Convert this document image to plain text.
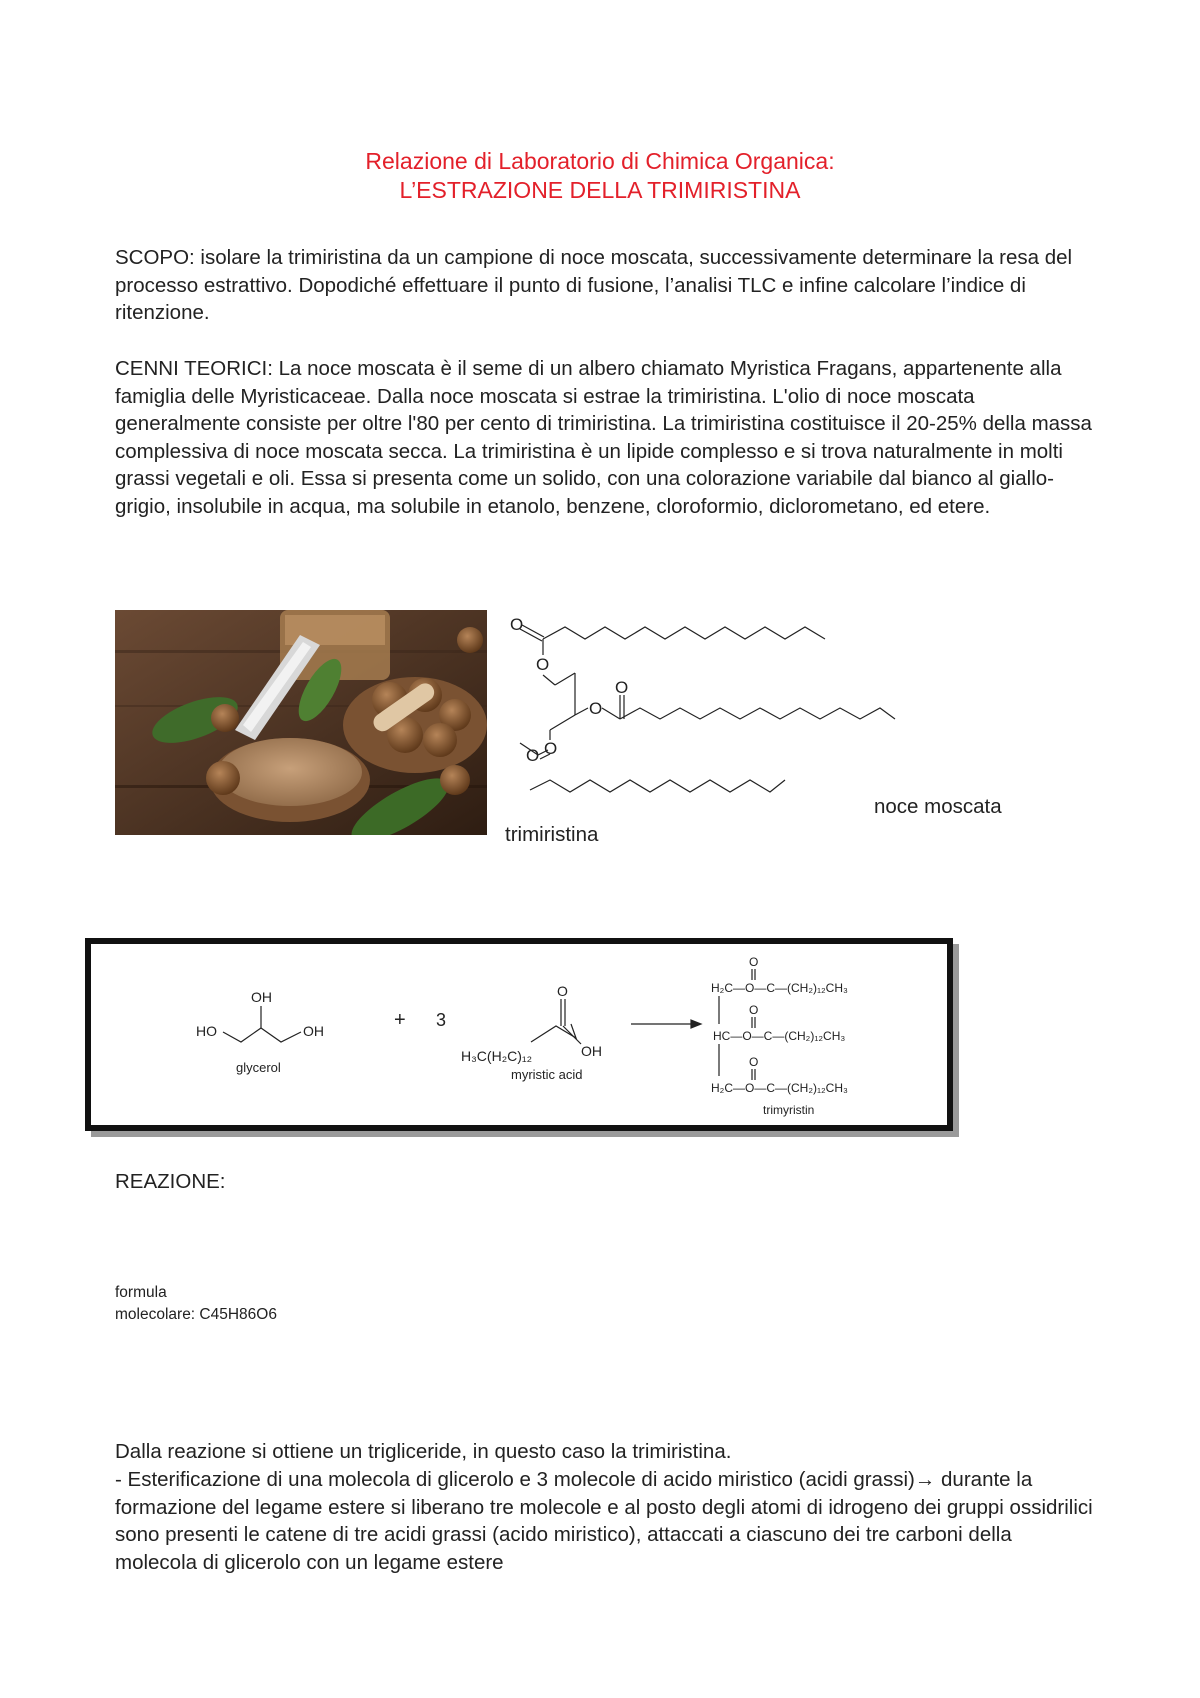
Relazione di Laboratorio di Chimica Organica:
L’ESTRAZIONE DELLA TRIMIRISTINA
SCOPO: isolare la trimiristina da un campione di noce moscata, successivamente determinare la resa del processo estrattivo. Dopodiché effettuare il punto di fusione, l’analisi TLC e infine calcolare l’indice di ritenzione.
CENNI TEORICI: La noce moscata è il seme di un albero chiamato Myristica Fragans, appartenente alla famiglia delle Myristicaceae. Dalla noce moscata si estrae la trimiristina. L'olio di noce moscata generalmente consiste per oltre l'80 per cento di trimiristina. La trimiristina costituisce il 20-25% della massa complessiva di noce moscata secca. La trimiristina è un lipide complesso e si trova naturalmente in molti grassi vegetali e oli. Essa si presenta come un solido, con una colorazione variabile dal bianco al giallo-grigio, insolubile in acqua, ma solubile in etanolo, benzene, cloroformio, diclorometano, ed etere.
O
O
O
O
O
O
noce moscata
trimiristina
HO
OH
OH
glycerol
+ 3
H₃C(H₂C)₁₂
O
OH
myristic acid
O
H₂C—O—C—(CH₂)₁₂CH₃
O
HC—O—C—(CH₂)₁₂CH₃
O
H₂C—O—C—(CH₂)₁₂CH₃
trimyristin
REAZIONE:
formula
molecolare: C45H86O6
Dalla reazione si ottiene un trigliceride, in questo caso la trimiristina.
- Esterificazione di una molecola di glicerolo e 3 molecole di acido miristico (acidi grassi)→ durante la formazione del legame estere si liberano tre molecole e al posto degli atomi di idrogeno dei gruppi ossidrilici sono presenti le catene di tre acidi grassi (acido miristico), attaccati a ciascuno dei tre carboni della molecola di glicerolo con un legame estere
